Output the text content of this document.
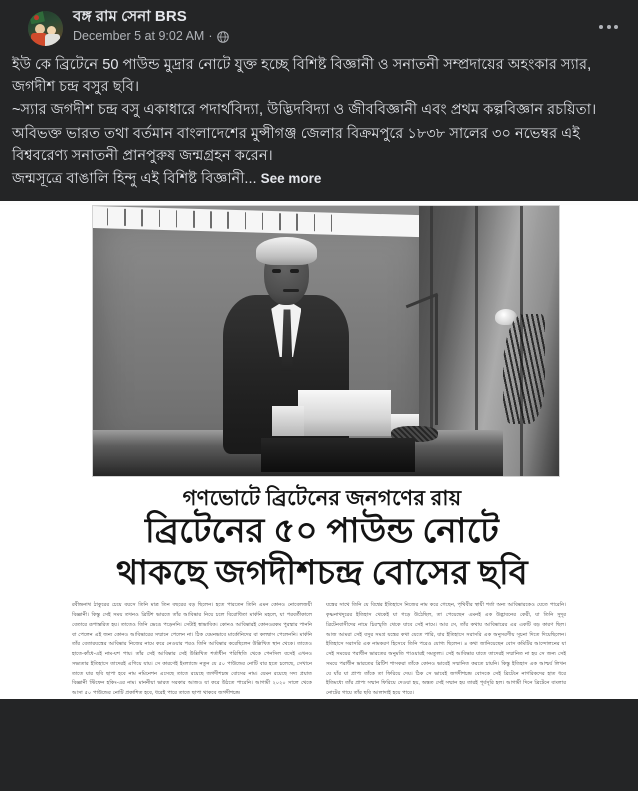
বঙ্গ রাম সেনা BRS
December 5 at 9:02 AM ·

ইউ কে ব্রিটেনে 50 পাউন্ড মুদ্রার নোটে যুক্ত হচ্ছে বিশিষ্ট বিজ্ঞানী ও সনাতনী সম্প্রদায়ের অহংকার স্যার, জগদীশ চন্দ্র বসুর ছবি।

~স্যার জগদীশ চন্দ্র বসু একাধারে পদার্থবিদ্যা, উদ্ভিদবিদ্যা ও জীববিজ্ঞানী এবং প্রথম কল্পবিজ্ঞান রচয়িতা।

অবিভক্ত ভারত তথা বর্তমান বাংলাদেশের মুন্সীগঞ্জ জেলার বিক্রমপুরে ১৮৩৮ সালের ৩০ নভেম্বর এই বিশ্ববরেণ্য সনাতনী প্রানপুরুষ জন্মগ্রহন করেন।

জন্মসূত্রে বাঙালি হিন্দু এই বিশিষ্ট বিজ্ঞানী... See more

গণভোটে ব্রিটেনের জনগণের রায়
ব্রিটেনের ৫০ পাউন্ড নোটে
থাকছে জগদীশচন্দ্র বোসের ছবি

রবীন্দ্রনাথ ঠাকুরের চেয়ে বয়সে তিনি মাত্র তিন বছরের বড় ছিলেন। হতে পারতেন তিনি এমন কোনও নোবেলজয়ী বিজ্ঞানী। কিন্তু সেই সময় তখনও ব্রিটিশ ভারতে তাঁর আবিষ্কার নিয়ে চলে বিরোধিতা মার্কনি মহলে, যা পরবর্তীকালে বেতারে রূপান্তরিত হয়। তাতেও তিনি ভেঙে পড়েননি। সেটাই স্বাভাবিক। কোনও আবিষ্কারই কোনওরকম পুরস্কার পাননি বা পেলেন এই জন্য কোনও আবিষ্কারের সম্মানে পেলেন না। ঠিক যেমনভাবে মার্কোনিদের বা কলম্বাস পেলেননি। মার্কনি তাঁর বেতারযন্ত্রের আবিষ্কার নিজের নামে করে নেওয়ার পরও তিনি আবিষ্কার করেছিলেন উল্লিখিত স্থান থেকে। তাতেও হাতে-কাঁধে-এই নাম-যশ পায়। তাঁর সেই আবিষ্কার সেই উল্লিখিত শর্তাধীন পরিস্থিতি থেকে পেনসিল বসেই এখনও সভ্যতার ইতিহাসে তাদেরই এগিয়ে যায়। সে কারণেই ইংল্যান্ডে নতুন যে ৫০ পাউন্ডের নোটি বার হতে চলেছে, সেখানে তাতে যার ছবি ছাপা হবে নাম নমিনেশন এসেছে তাতে রয়েছে জগদীশচন্দ্র বোসের নাম। যেমন রয়েছে সদ্য প্রয়াত বিজ্ঞানী স্টিফেন হকিং-এর নাম। মাননীয়া ভারত সরকার আজও যা করে উঠতে পারেনি। আগামী ২০২০ সালে থেকে আসা ৫০ পাউন্ডের নোটি প্রকাশিত হবে, ধরেই পারে তাতে ছাপা থাকবে জগদীশচন্দ্র

যন্ত্রের সাথে তিনি যে বিশ্বের ইতিহাসে নিজের নাম করে গেছেন, পৃথিবীর স্থায়ী শর্তা অন্য আবিষ্কারকেও যেতে পারেনি। কৃষ্ণনাথদুরের ইতিহাস থেকেই যা গড়ে উঠেছিল, তা পেয়েছেন এমনই এক উদ্ভাবনের কেরী, যা তিনি সুদূর ব্রিটেনবাসীদের নামে চিরস্মৃতি থেকে যাবে সেই নামে। আর সে, তাঁর কথায় আবিষ্কারের এর একটি বড় কারণ ছিল। আজ আমরা সেই বসুর সমগ্র যন্ত্রের কথা যেতে পারি, যার ইতিহাসে সরাসরি এক অনুসরণীয় সূচনা দিতে দিয়েছিলেন। ইতিহাসে সরাসরি এক নামকরণ হিসেবে তিনি পরেও যোগ্য ছিলেন। ৪ কথা জানিয়েছেন বোস কমিটির আন্দোলনের যা সেই সময়ের পরাধীন ভারতের অনুমতি পাওয়ারই সমতুল্য। সেই আবিষ্কার যাতে তাদেরই সম্মানিত না হয় সে জন্য সেই সময়ে পরাধীন ভারতের ব্রিটিশ শাসকরা তাঁকে কোনও ভাবেই সম্মানিত করতে চায়নি। কিন্তু ইতিহাস এক আশ্চর্য লিখন যে যাঁর যা প্রাপ্য তাঁকে তা ফিরিয়ে দেয়। ঠিক সে ভাবেই জগদীশচন্দ্র বোসকে সেই ব্রিটেনে নাগরিকদের হাত ধরে ইতিমধ্যে তাঁর প্রাপ্য সম্মান ফিরিয়ে দেওয়া হয়, অন্তত সেই সম্মান হয় তারই পূর্বসূরি হল। আগামী দিনে ব্রিটেনে বাংলার নোটের গায়ে তাঁর ছবি আলাদাই হয়ে পারে।
